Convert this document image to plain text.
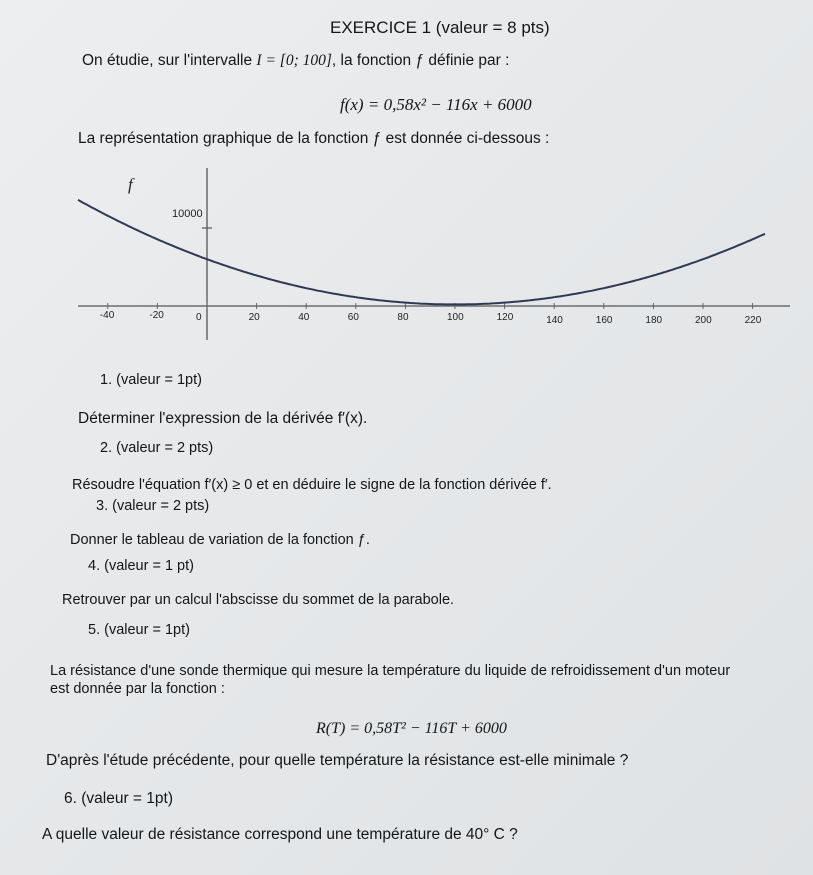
EXERCICE 1 (valeur = 8 pts)
On étudie, sur l'intervalle I = [0; 100], la fonction ƒ définie par :
f(x) = 0,58x² − 116x + 6000
La représentation graphique de la fonction ƒ est donnée ci-dessous :
10000
f
-40	-20	0	20	40	60	80	100	120	140	160	180	200	220
1. (valeur = 1pt)
Déterminer l'expression de la dérivée f′(x).
2. (valeur = 2 pts)
Résoudre l'équation f′(x) ≥ 0 et en déduire le signe de la fonction dérivée f′.
3. (valeur = 2 pts)
Donner le tableau de variation de la fonction ƒ.
4. (valeur = 1 pt)
Retrouver par un calcul l'abscisse du sommet de la parabole.
5. (valeur = 1pt)
La résistance d'une sonde thermique qui mesure la température du liquide de refroidissement d'un moteur
est donnée par la fonction :
R(T) = 0,58T² − 116T + 6000
D'après l'étude précédente, pour quelle température la résistance est-elle minimale ?
6. (valeur = 1pt)
A quelle valeur de résistance correspond une température de 40° C ?
